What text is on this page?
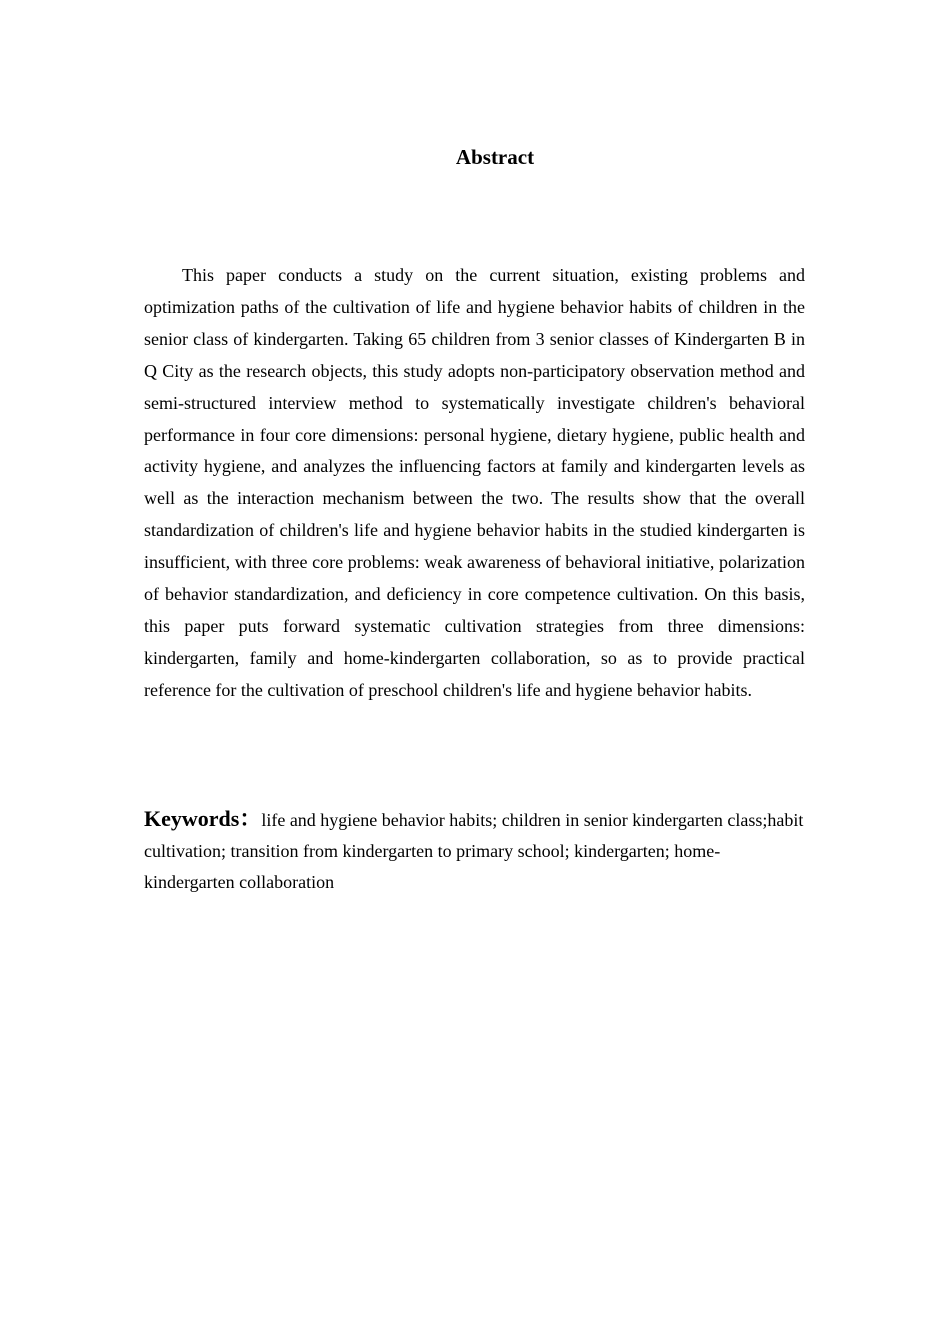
Abstract

This paper conducts a study on the current situation, existing problems and optimization paths of the cultivation of life and hygiene behavior habits of children in the senior class of kindergarten. Taking 65 children from 3 senior classes of Kindergarten B in Q City as the research objects, this study adopts non-participatory observation method and semi-structured interview method to systematically investigate children's behavioral performance in four core dimensions: personal hygiene, dietary hygiene, public health and activity hygiene, and analyzes the influencing factors at family and kindergarten levels as well as the interaction mechanism between the two. The results show that the overall standardization of children's life and hygiene behavior habits in the studied kindergarten is insufficient, with three core problems: weak awareness of behavioral initiative, polarization of behavior standardization, and deficiency in core competence cultivation. On this basis, this paper puts forward systematic cultivation strategies from three dimensions: kindergarten, family and home-kindergarten collaboration, so as to provide practical reference for the cultivation of preschool children's life and hygiene behavior habits.

Keywords：life and hygiene behavior habits; children in senior kindergarten class;habit cultivation; transition from kindergarten to primary school; kindergarten; home-kindergarten collaboration
